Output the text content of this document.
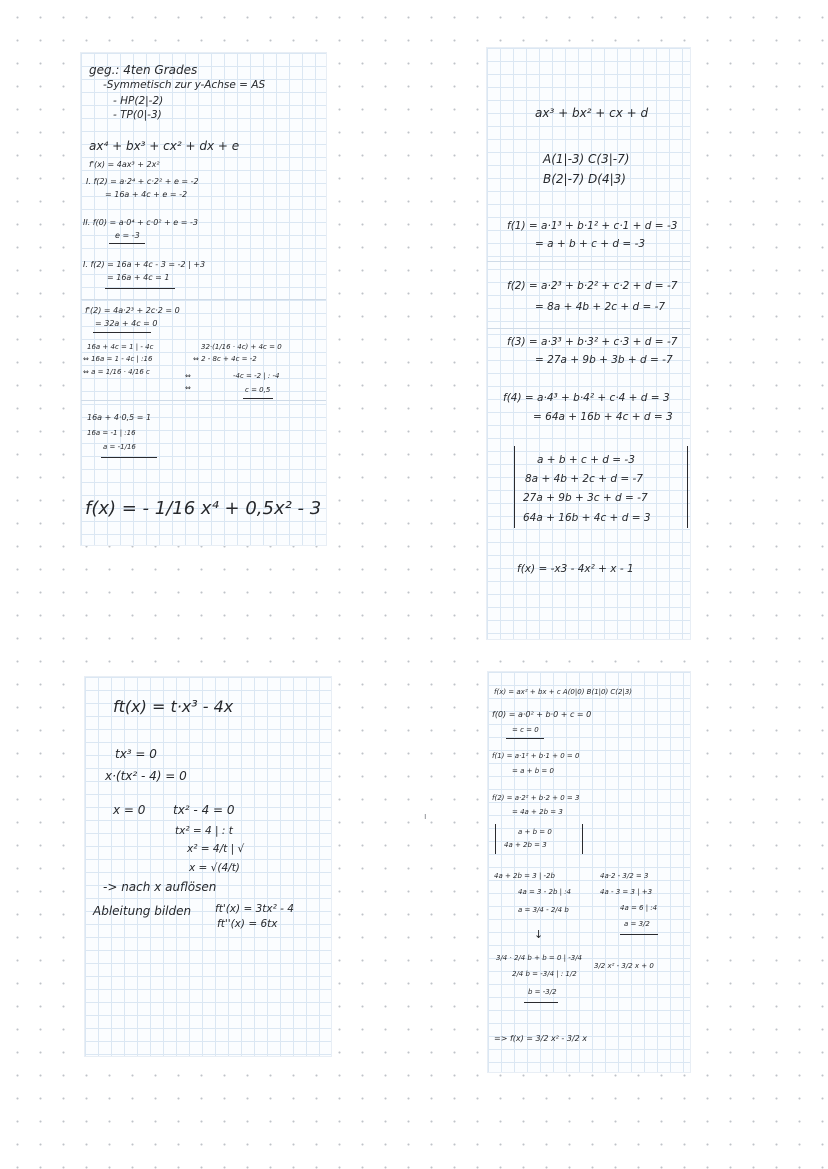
geg.: 4ten Grades
-Symmetisch zur y-Achse = AS
- HP(2|-2)
- TP(0|-3)
ax⁴ + bx³ + cx² + dx + e
f'(x) = 4ax³ + 2x²
I. f(2) = a·2⁴ + c·2² + e = -2
= 16a + 4c + e = -2
II. f(0) = a·0⁴ + c·0² + e = -3
e = -3
I. f(2) = 16a + 4c - 3 = -2 | +3
= 16a + 4c = 1
f'(2) = 4a·2³ + 2c·2 = 0
= 32a + 4c = 0
16a + 4c = 1 | - 4c
⇔ 16a = 1 - 4c | :16
⇔ a = 1/16 · 4/16 c
32·(1/16 · 4c) + 4c = 0
⇔ 2 - 8c + 4c = -2
⇔
⇔
-4c = -2 | : -4
c = 0,5
16a + 4·0,5 = 1
16a = -1 | :16
a = -1/16
f(x) = - 1/16 x⁴ + 0,5x² - 3
ax³ + bx² + cx + d
A(1|-3) C(3|-7)
B(2|-7) D(4|3)
f(1) = a·1³ + b·1² + c·1 + d = -3
= a + b + c + d = -3
f(2) = a·2³ + b·2² + c·2 + d = -7
= 8a + 4b + 2c + d = -7
f(3) = a·3³ + b·3² + c·3 + d = -7
= 27a + 9b + 3b + d = -7
f(4) = a·4³ + b·4² + c·4 + d = 3
= 64a + 16b + 4c + d = 3
a + b + c + d = -3
8a + 4b + 2c + d = -7
27a + 9b + 3c + d = -7
64a + 16b + 4c + d = 3
f(x) = -x3 - 4x² + x - 1
ft(x) = t·x³ - 4x
tx³ = 0
x·(tx² - 4) = 0
x = 0 tx² - 4 = 0
tx² = 4 | : t
x² = 4/t | √
x = √(4/t)
-> nach x auflösen
Ableitung bilden ft'(x) = 3tx² - 4
ft''(x) = 6tx
ı
f(x) = ax² + bx + c A(0|0) B(1|0) C(2|3)
f(0) = a·0² + b·0 + c = 0
= c = 0
f(1) = a·1² + b·1 + 0 = 0
= a + b = 0
f(2) = a·2² + b·2 + 0 = 3
= 4a + 2b = 3
a + b = 0
4a + 2b = 3
4a + 2b = 3 | -2b
4a = 3 - 2b | :4
a = 3/4 - 2/4 b
4a·2 - 3/2 = 3
4a - 3 = 3 | +3
4a = 6 | :4
a = 3/2
↓
3/4 · 2/4 b + b = 0 | -3/4
2/4 b = -3/4 | : 1/2
b = -3/2
3/2 x² - 3/2 x + 0
=> f(x) = 3/2 x² - 3/2 x
